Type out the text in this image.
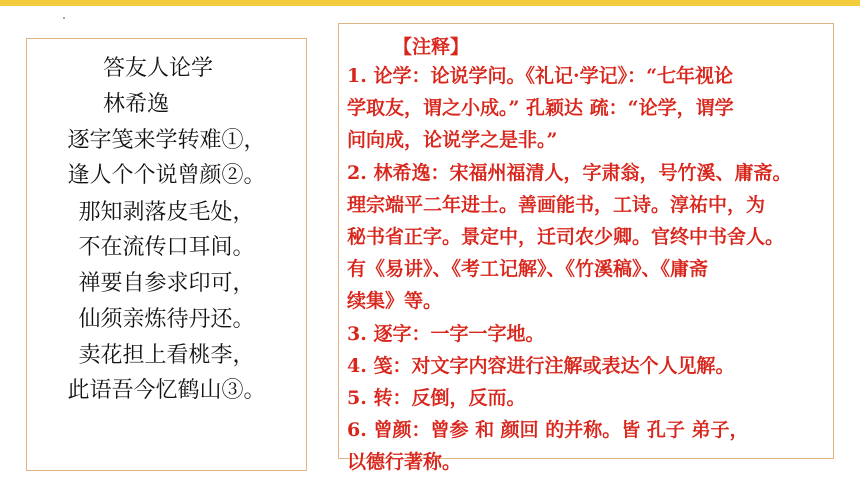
答友人论学
林希逸
逐字笺来学转难①，
逢人个个说曾颜②。
那知剥落皮毛处，
不在流传口耳间。
禅要自参求印可，
仙须亲炼待丹还。
卖花担上看桃李，
此语吾今忆鹤山③。
【注释】
1. 论学：论说学问。《礼记·学记》：“七年视论
学取友，谓之小成。” 孔颖达 疏：“论学，谓学
问向成，论说学之是非。”
2. 林希逸：宋福州福清人，字肃翁，号竹溪、庸斋。
理宗端平二年进士。善画能书，工诗。淳祐中，为
秘书省正字。景定中，迁司农少卿。官终中书舍人。
有《易讲》、《考工记解》、《竹溪稿》、《庸斋
续集》等。
3. 逐字：一字一字地。
4. 笺：对文字内容进行注解或表达个人见解。
5. 转：反倒，反而。
6. 曾颜：曾参 和 颜回 的并称。皆 孔子 弟子，
以德行著称。
